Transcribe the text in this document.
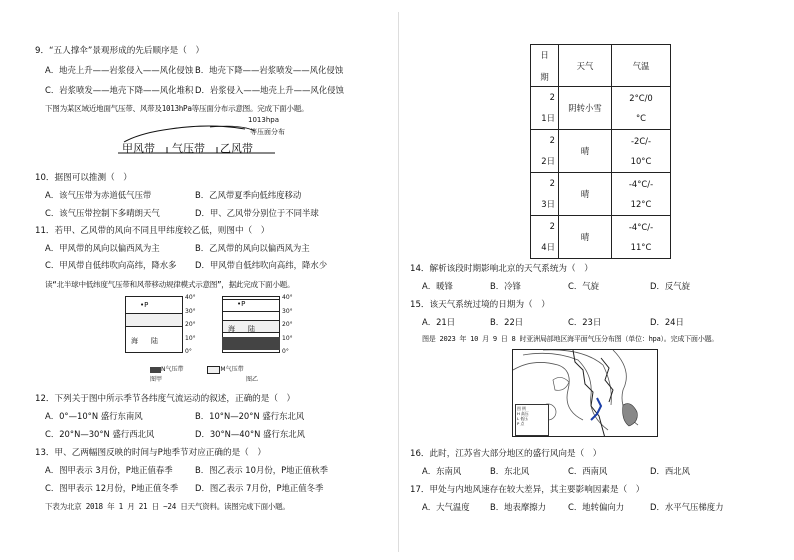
9．“五人撑伞”景观形成的先后顺序是（　）
A．地壳上升——岩浆侵入——风化侵蚀 B．地壳下降——岩浆喷发——风化侵蚀
C．岩浆喷发——地壳下降——风化堆积 D．岩浆侵入——地壳上升——风化侵蚀
下图为某区域近地面气压带、风带及1013hPa等压面分布示意图。完成下面小题。
1013hpa
等压面分布
甲风带 气压带 乙风带
10．据图可以推测（　）
A．该气压带为赤道低气压带	B．乙风带夏季向低纬度移动
C．该气压带控制下多晴朗天气	D．甲、乙风带分别位于不同半球
11．若甲、乙风带的风向不同且甲纬度较乙低，则图中（　）
A．甲风带的风向以偏西风为主	B．乙风带的风向以偏西风为主
C．甲风带自低纬吹向高纬，降水多 D．甲风带自低纬吹向高纬，降水少
读“北半球中低纬度气压带和风带移动规律模式示意图”，据此完成下面小题。
•P
海 陆
40°
30°
20°
10°
0°
•P
海 陆
40°
30°
20°
10°
0°
N气压带	M气压带
图甲	图乙
12．下列关于图中所示季节各纬度气流运动的叙述，正确的是（　）
A．0°—10°N 盛行东南风	B．10°N—20°N 盛行东北风
C．20°N—30°N 盛行西北风	D．30°N—40°N 盛行东北风
13．甲、乙两幅图反映的时间与P地季节对应正确的是（　）
A．图甲表示 3月份，P地正值春季	B．图乙表示 10月份，P地正值秋季
C．图甲表示 12月份，P地正值冬季 D．图乙表示 7月份，P地正值冬季
下表为北京 2018 年 1 月 21 日 ~24 日天气资料。读图完成下面小题。
日

期	天气	气温
2

1日	阴转小雪	2°C/0

°C
2

2日	晴	-2C/-

10°C
2

3日	晴	-4°C/-

12°C
2

4日	晴	-4°C/-

11°C
14．解析该段时期影响北京的天气系统为（　）
A．暖锋	B．冷锋	C．气旋	D．反气旋
15．该天气系统过境的日期为（　）
A．21日	B．22日	C．23日	D．24日
图是 2023 年 10 月 9 日 8 时亚洲局部地区海平面气压分布图（单位：hpa）。完成下面小题。
图 例
H 高压
L 低压
P 点
16．此时，江苏省大部分地区的盛行风向是（　）
A．东南风	B．东北风	C．西南风	D．西北风
17．甲处与内地风速存在较大差异，其主要影响因素是（　）
A．大气温度 B．地表摩擦力	C．地转偏向力	D．水平气压梯度力
